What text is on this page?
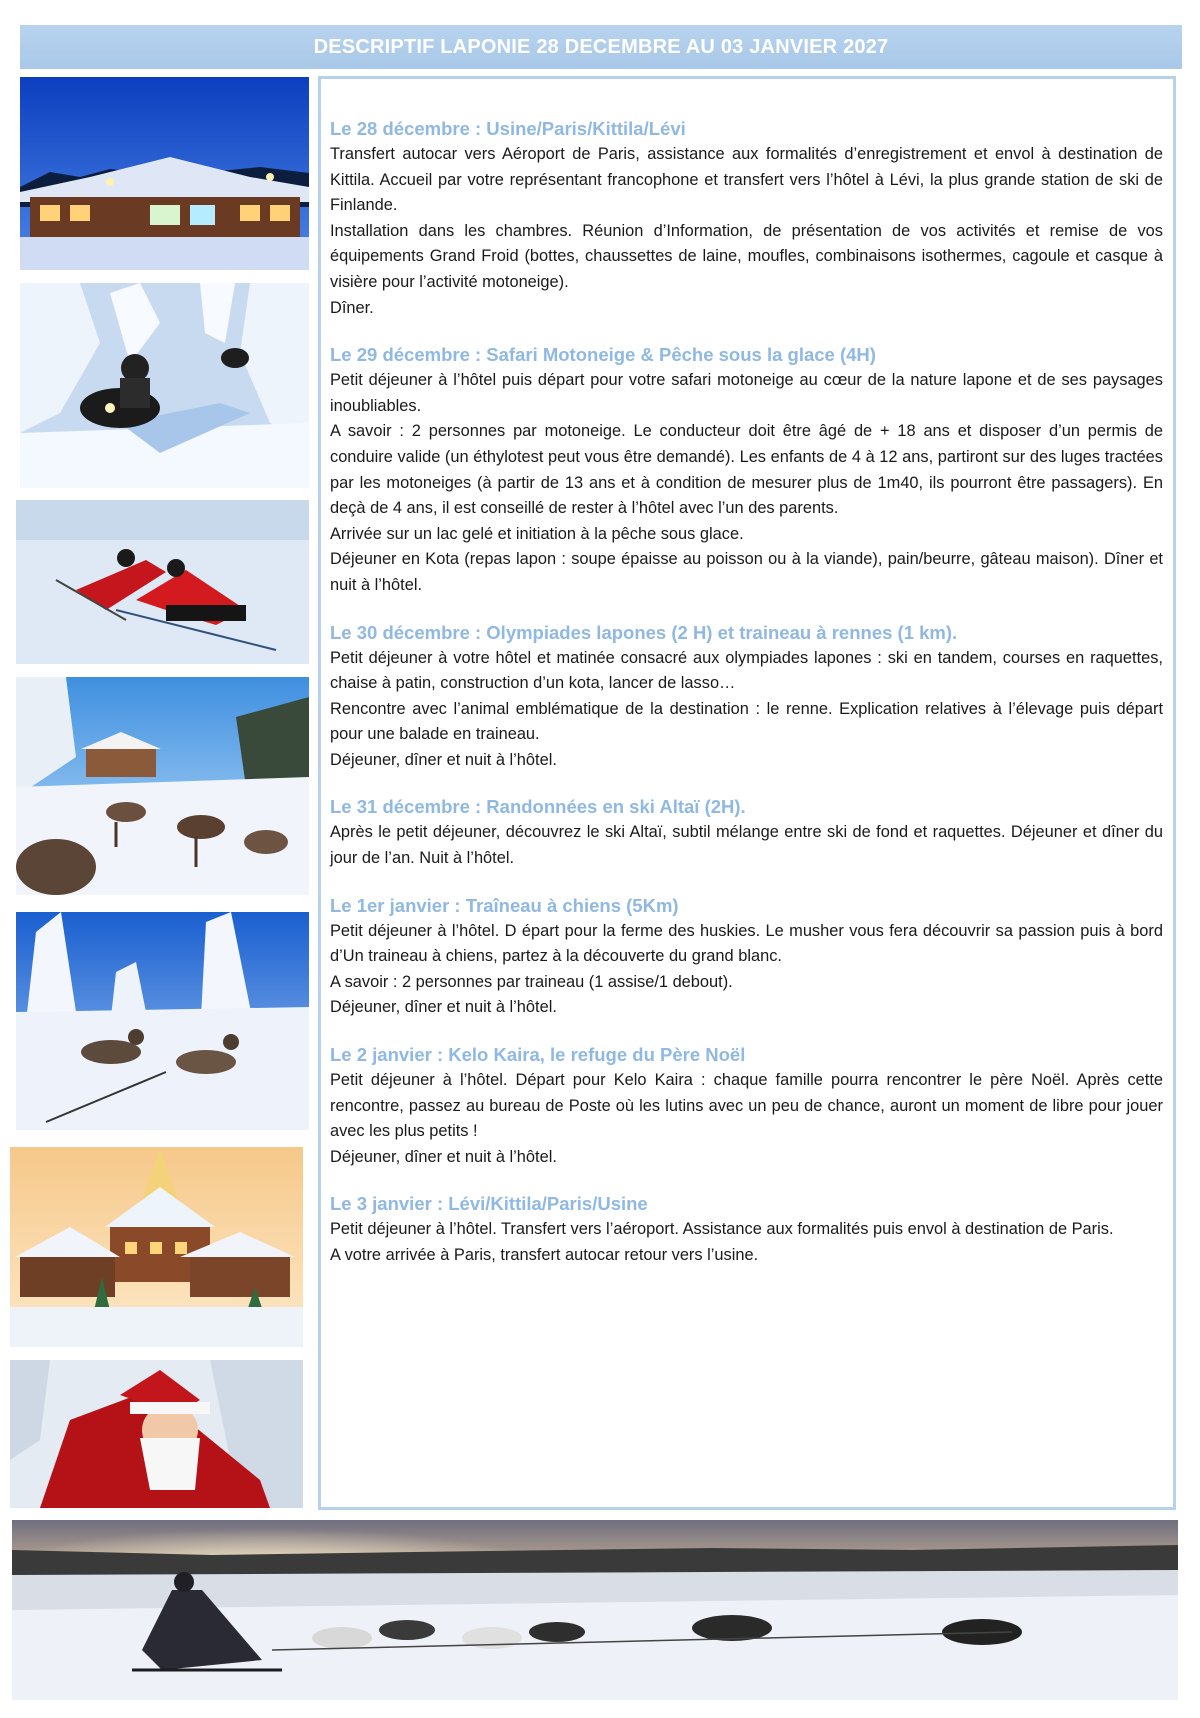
DESCRIPTIF LAPONIE 28 DECEMBRE AU 03 JANVIER 2027
Le 28 décembre : Usine/Paris/Kittila/Lévi

Transfert autocar vers Aéroport de Paris, assistance aux formalités d’enregistrement et envol à destination de Kittila. Accueil par votre représentant francophone et transfert vers l’hôtel à Lévi, la plus grande station de ski de Finlande.

Installation dans les chambres. Réunion d’Information, de présentation de vos activités et remise de vos équipements Grand Froid (bottes, chaussettes de laine, moufles, combinaisons isothermes, cagoule et casque à visière pour l’activité motoneige).

Dîner.

Le 29 décembre : Safari Motoneige & Pêche sous la glace (4H)

Petit déjeuner à l’hôtel puis départ pour votre safari motoneige au cœur de la nature lapone et de ses paysages inoubliables.

A savoir : 2 personnes par motoneige. Le conducteur doit être âgé de + 18 ans et disposer d’un permis de conduire valide (un éthylotest peut vous être demandé). Les enfants de 4 à 12 ans, partiront sur des luges tractées par les motoneiges (à partir de 13 ans et à condition de mesurer plus de 1m40, ils pourront être passagers). En deçà de 4 ans, il est conseillé de rester à l’hôtel avec l’un des parents.

Arrivée sur un lac gelé et initiation à la pêche sous glace.

Déjeuner en Kota (repas lapon : soupe épaisse au poisson ou à la viande), pain/beurre, gâteau maison). Dîner et nuit à l’hôtel.

Le 30 décembre : Olympiades lapones (2 H) et traineau à rennes (1 km).

Petit déjeuner à votre hôtel et matinée consacré aux olympiades lapones : ski en tandem, courses en raquettes, chaise à patin, construction d’un kota, lancer de lasso…

Rencontre avec l’animal emblématique de la destination : le renne. Explication relatives à l’élevage puis départ pour une balade en traineau.

Déjeuner, dîner et nuit à l’hôtel.

Le 31 décembre : Randonnées en ski Altaï (2H).

Après le petit déjeuner, découvrez le ski Altaï, subtil mélange entre ski de fond et raquettes. Déjeuner et dîner du jour de l’an. Nuit à l’hôtel.

Le 1er janvier : Traîneau à chiens (5Km)

Petit déjeuner à l’hôtel. D épart pour la ferme des huskies. Le musher vous fera découvrir sa passion puis à bord d’Un traineau à chiens, partez à la découverte du grand blanc.

A savoir : 2 personnes par traineau (1 assise/1 debout).

Déjeuner, dîner et nuit à l’hôtel.

Le 2 janvier : Kelo Kaira, le refuge du Père Noël

Petit déjeuner à l’hôtel. Départ pour Kelo Kaira : chaque famille pourra rencontrer le père Noël. Après cette rencontre, passez au bureau de Poste où les lutins avec un peu de chance, auront un moment de libre pour jouer avec les plus petits !

Déjeuner, dîner et nuit à l’hôtel.

Le 3 janvier : Lévi/Kittila/Paris/Usine

Petit déjeuner à l’hôtel. Transfert vers l’aéroport. Assistance aux formalités puis envol à destination de Paris.

A votre arrivée à Paris, transfert autocar retour vers l’usine.
